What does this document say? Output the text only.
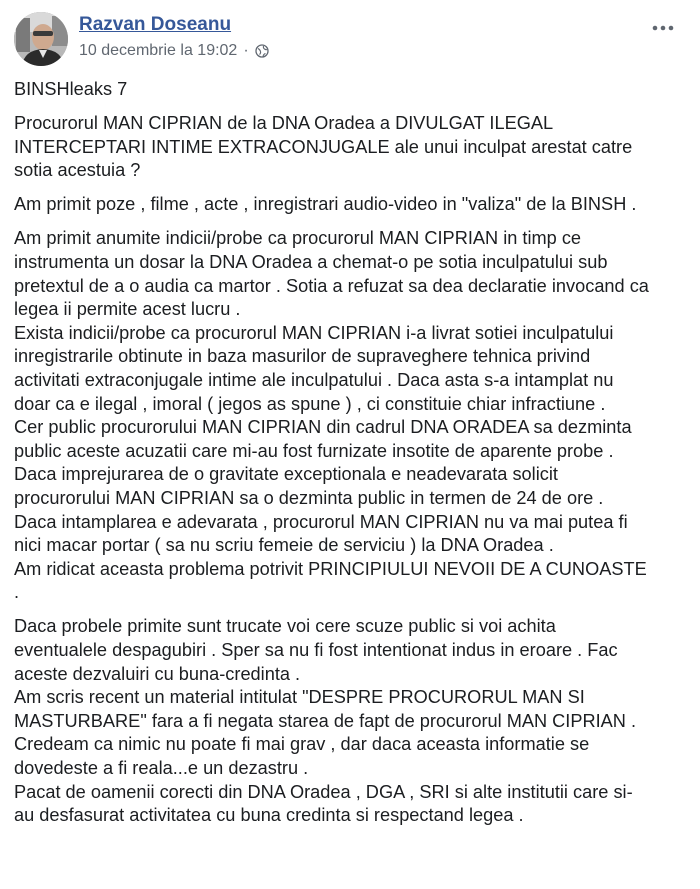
Razvan Doseanu
10 decembrie la 19:02 ·
BINSHleaks 7
Procurorul MAN CIPRIAN de la DNA Oradea a DIVULGAT ILEGAL
INTERCEPTARI INTIME EXTRACONJUGALE ale unui inculpat arestat catre
sotia acestuia ?
Am primit poze , filme , acte , inregistrari audio-video in "valiza" de la BINSH .
Am primit anumite indicii/probe ca procurorul MAN CIPRIAN in timp ce
instrumenta un dosar la DNA Oradea a chemat-o pe sotia inculpatului sub
pretextul de a o audia ca martor . Sotia a refuzat sa dea declaratie invocand ca
legea ii permite acest lucru .
Exista indicii/probe ca procurorul MAN CIPRIAN i-a livrat sotiei inculpatului
inregistrarile obtinute in baza masurilor de supraveghere tehnica privind
activitati extraconjugale intime ale inculpatului . Daca asta s-a intamplat nu
doar ca e ilegal , imoral ( jegos as spune ) , ci constituie chiar infractiune .
Cer public procurorului MAN CIPRIAN din cadrul DNA ORADEA sa dezminta
public aceste acuzatii care mi-au fost furnizate insotite de aparente probe .
Daca imprejurarea de o gravitate exceptionala e neadevarata solicit
procurorului MAN CIPRIAN sa o dezminta public in termen de 24 de ore .
Daca intamplarea e adevarata , procurorul MAN CIPRIAN nu va mai putea fi
nici macar portar ( sa nu scriu femeie de serviciu ) la DNA Oradea .
Am ridicat aceasta problema potrivit PRINCIPIULUI NEVOII DE A CUNOASTE
.
Daca probele primite sunt trucate voi cere scuze public si voi achita
eventualele despagubiri . Sper sa nu fi fost intentionat indus in eroare . Fac
aceste dezvaluiri cu buna-credinta .
Am scris recent un material intitulat "DESPRE PROCURORUL MAN SI
MASTURBARE" fara a fi negata starea de fapt de procurorul MAN CIPRIAN .
Credeam ca nimic nu poate fi mai grav , dar daca aceasta informatie se
dovedeste a fi reala...e un dezastru .
Pacat de oamenii corecti din DNA Oradea , DGA , SRI si alte institutii care si-
au desfasurat activitatea cu buna credinta si respectand legea .
